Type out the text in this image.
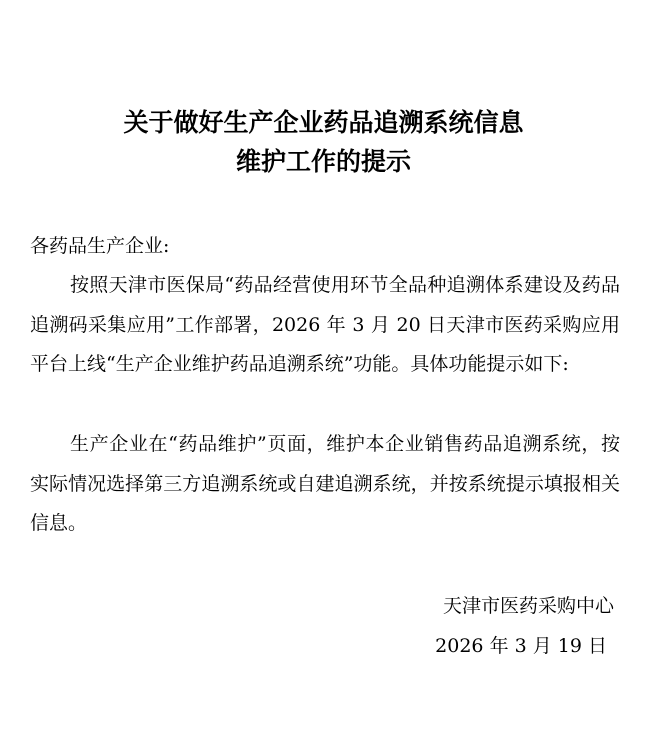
关于做好生产企业药品追溯系统信息
维护工作的提示

各药品生产企业:

按照天津市医保局“药品经营使用环节全品种追溯体系建设及药品追溯码采集应用”工作部署，2026 年 3 月 20 日天津市医药采购应用平台上线“生产企业维护药品追溯系统”功能。具体功能提示如下:

生产企业在“药品维护”页面，维护本企业销售药品追溯系统，按实际情况选择第三方追溯系统或自建追溯系统，并按系统提示填报相关信息。

天津市医药采购中心
2026 年 3 月 19 日
